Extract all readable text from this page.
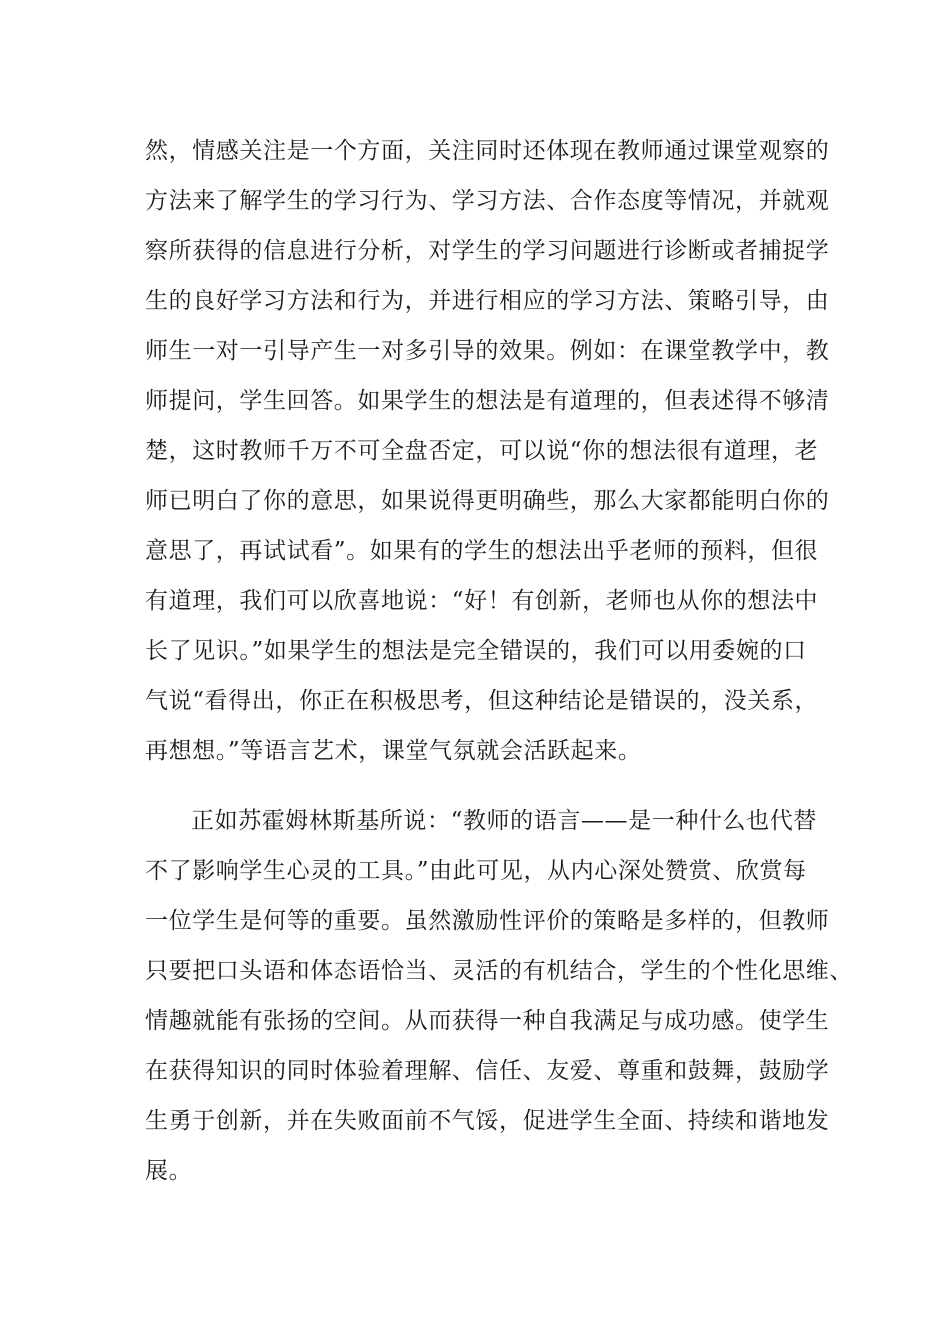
然，情感关注是一个方面，关注同时还体现在教师通过课堂观察的

方法来了解学生的学习行为、学习方法、合作态度等情况，并就观

察所获得的信息进行分析，对学生的学习问题进行诊断或者捕捉学

生的良好学习方法和行为，并进行相应的学习方法、策略引导，由

师生一对一引导产生一对多引导的效果。例如：在课堂教学中，教

师提问，学生回答。如果学生的想法是有道理的，但表述得不够清

楚，这时教师千万不可全盘否定，可以说“你的想法很有道理，老

师已明白了你的意思，如果说得更明确些，那么大家都能明白你的

意思了，再试试看”。如果有的学生的想法出乎老师的预料，但很

有道理，我们可以欣喜地说：“好！有创新，老师也从你的想法中

长了见识。”如果学生的想法是完全错误的，我们可以用委婉的口

气说“看得出，你正在积极思考，但这种结论是错误的，没关系，

再想想。”等语言艺术，课堂气氛就会活跃起来。

正如苏霍姆林斯基所说：“教师的语言——是一种什么也代替

不了影响学生心灵的工具。”由此可见，从内心深处赞赏、欣赏每

一位学生是何等的重要。虽然激励性评价的策略是多样的，但教师

只要把口头语和体态语恰当、灵活的有机结合，学生的个性化思维、

情趣就能有张扬的空间。从而获得一种自我满足与成功感。使学生

在获得知识的同时体验着理解、信任、友爱、尊重和鼓舞，鼓励学

生勇于创新，并在失败面前不气馁，促进学生全面、持续和谐地发

展。
